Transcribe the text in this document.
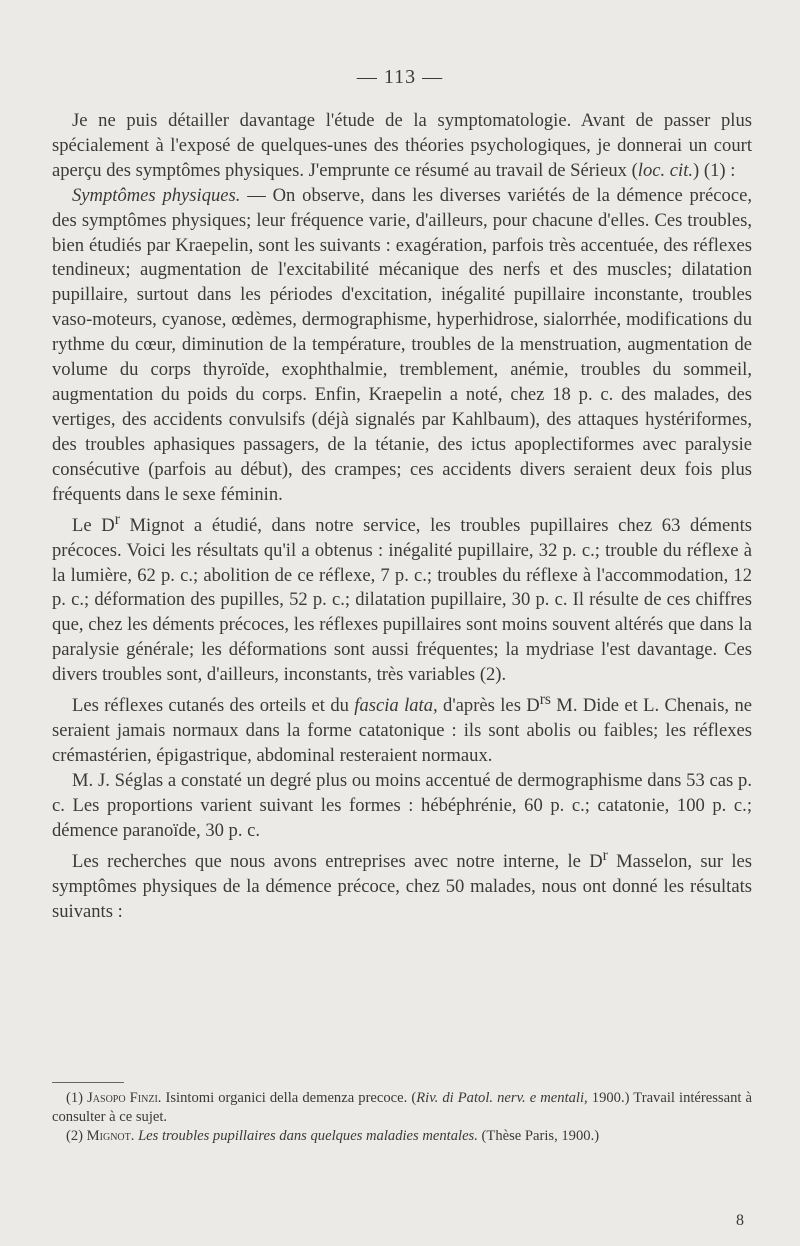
— 113 —

Je ne puis détailler davantage l'étude de la symptomatologie. Avant de passer plus spécialement à l'exposé de quelques-unes des théories psychologiques, je donnerai un court aperçu des symptômes physiques. J'emprunte ce résumé au travail de Sérieux (loc. cit.) (1) :

Symptômes physiques. — On observe, dans les diverses variétés de la démence précoce, des symptômes physiques; leur fréquence varie, d'ailleurs, pour chacune d'elles. Ces troubles, bien étudiés par Kraepelin, sont les suivants : exagération, parfois très accentuée, des réflexes tendineux; augmentation de l'excitabilité mécanique des nerfs et des muscles; dilatation pupillaire, surtout dans les périodes d'excitation, inégalité pupillaire inconstante, troubles vaso-moteurs, cyanose, œdèmes, dermographisme, hyperhidrose, sialorrhée, modifications du rythme du cœur, diminution de la température, troubles de la menstruation, augmentation de volume du corps thyroïde, exophthalmie, tremblement, anémie, troubles du sommeil, augmentation du poids du corps. Enfin, Kraepelin a noté, chez 18 p. c. des malades, des vertiges, des accidents convulsifs (déjà signalés par Kahlbaum), des attaques hystériformes, des troubles aphasiques passagers, de la tétanie, des ictus apoplectiformes avec paralysie consécutive (parfois au début), des crampes; ces accidents divers seraient deux fois plus fréquents dans le sexe féminin.

Le $D^r$ Mignot a étudié, dans notre service, les troubles pupillaires chez 63 déments précoces. Voici les résultats qu'il a obtenus : inégalité pupillaire, 32 p. c.; trouble du réflexe à la lumière, 62 p. c.; abolition de ce réflexe, 7 p. c.; troubles du réflexe à l'accommodation, 12 p. c.; déformation des pupilles, 52 p. c.; dilatation pupillaire, 30 p. c. Il résulte de ces chiffres que, chez les déments précoces, les réflexes pupillaires sont moins souvent altérés que dans la paralysie générale; les déformations sont aussi fréquentes; la mydriase l'est davantage. Ces divers troubles sont, d'ailleurs, inconstants, très variables (2).

Les réflexes cutanés des orteils et du fascia lata, d'après les $D^{rs}$ M. Dide et L. Chenais, ne seraient jamais normaux dans la forme catatonique : ils sont abolis ou faibles; les réflexes crémastérien, épigastrique, abdominal resteraient normaux.

M. J. Séglas a constaté un degré plus ou moins accentué de dermographisme dans 53 cas p. c. Les proportions varient suivant les formes : hébéphrénie, 60 p. c.; catatonie, 100 p. c.; démence paranoïde, 30 p. c.

Les recherches que nous avons entreprises avec notre interne, le $D^r$ Masselon, sur les symptômes physiques de la démence précoce, chez 50 malades, nous ont donné les résultats suivants :

(1) Jasopo Finzi. Isintomi organici della demenza precoce. (Riv. di Patol. nerv. e mentali, 1900.) Travail intéressant à consulter à ce sujet.

(2) Mignot. Les troubles pupillaires dans quelques maladies mentales. (Thèse Paris, 1900.)

8
